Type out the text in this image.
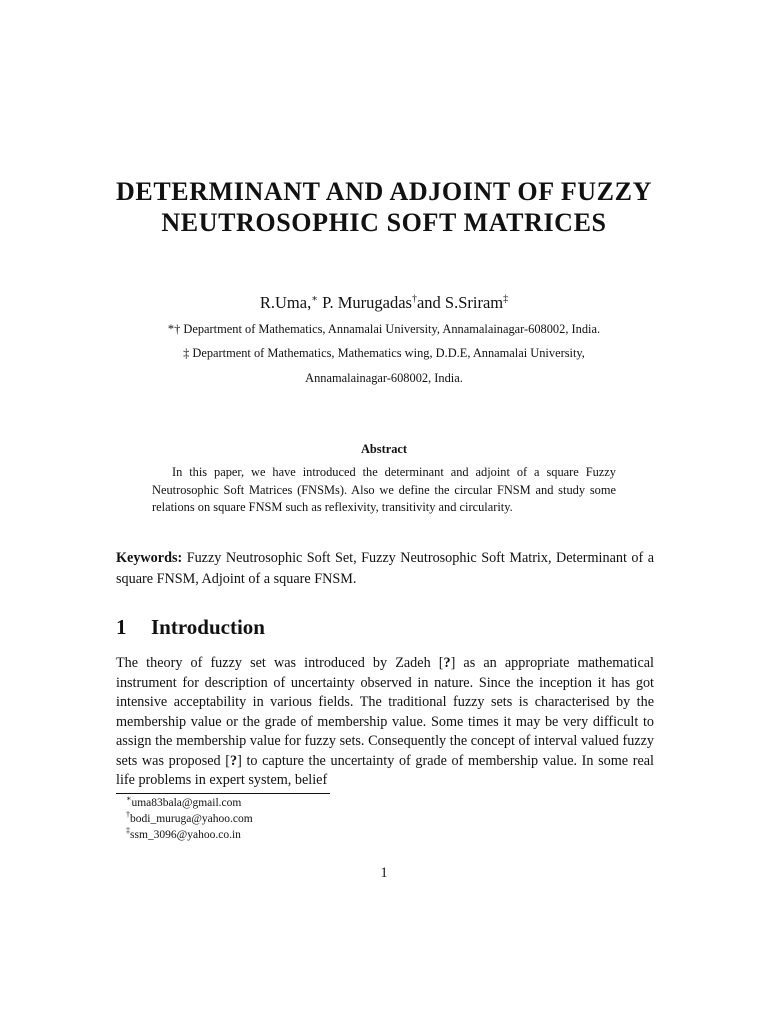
DETERMINANT AND ADJOINT OF FUZZY NEUTROSOPHIC SOFT MATRICES
R.Uma,∗ P. Murugadas†and S.Sriram‡
*† Department of Mathematics, Annamalai University, Annamalainagar-608002, India.
‡ Department of Mathematics, Mathematics wing, D.D.E, Annamalai University,
Annamalainagar-608002, India.
Abstract

In this paper, we have introduced the determinant and adjoint of a square Fuzzy Neutrosophic Soft Matrices (FNSMs). Also we define the circular FNSM and study some relations on square FNSM such as reflexivity, transitivity and circularity.

Keywords: Fuzzy Neutrosophic Soft Set, Fuzzy Neutrosophic Soft Matrix, Determinant of a square FNSM, Adjoint of a square FNSM.

1 Introduction

The theory of fuzzy set was introduced by Zadeh [?] as an appropriate mathematical instrument for description of uncertainty observed in nature. Since the inception it has got intensive acceptability in various fields. The traditional fuzzy sets is characterised by the membership value or the grade of membership value. Some times it may be very difficult to assign the membership value for fuzzy sets. Consequently the concept of interval valued fuzzy sets was proposed [?] to capture the uncertainty of grade of membership value. In some real life problems in expert system, belief

∗uma83bala@gmail.com
†bodi_muruga@yahoo.com
‡ssm_3096@yahoo.co.in
1
